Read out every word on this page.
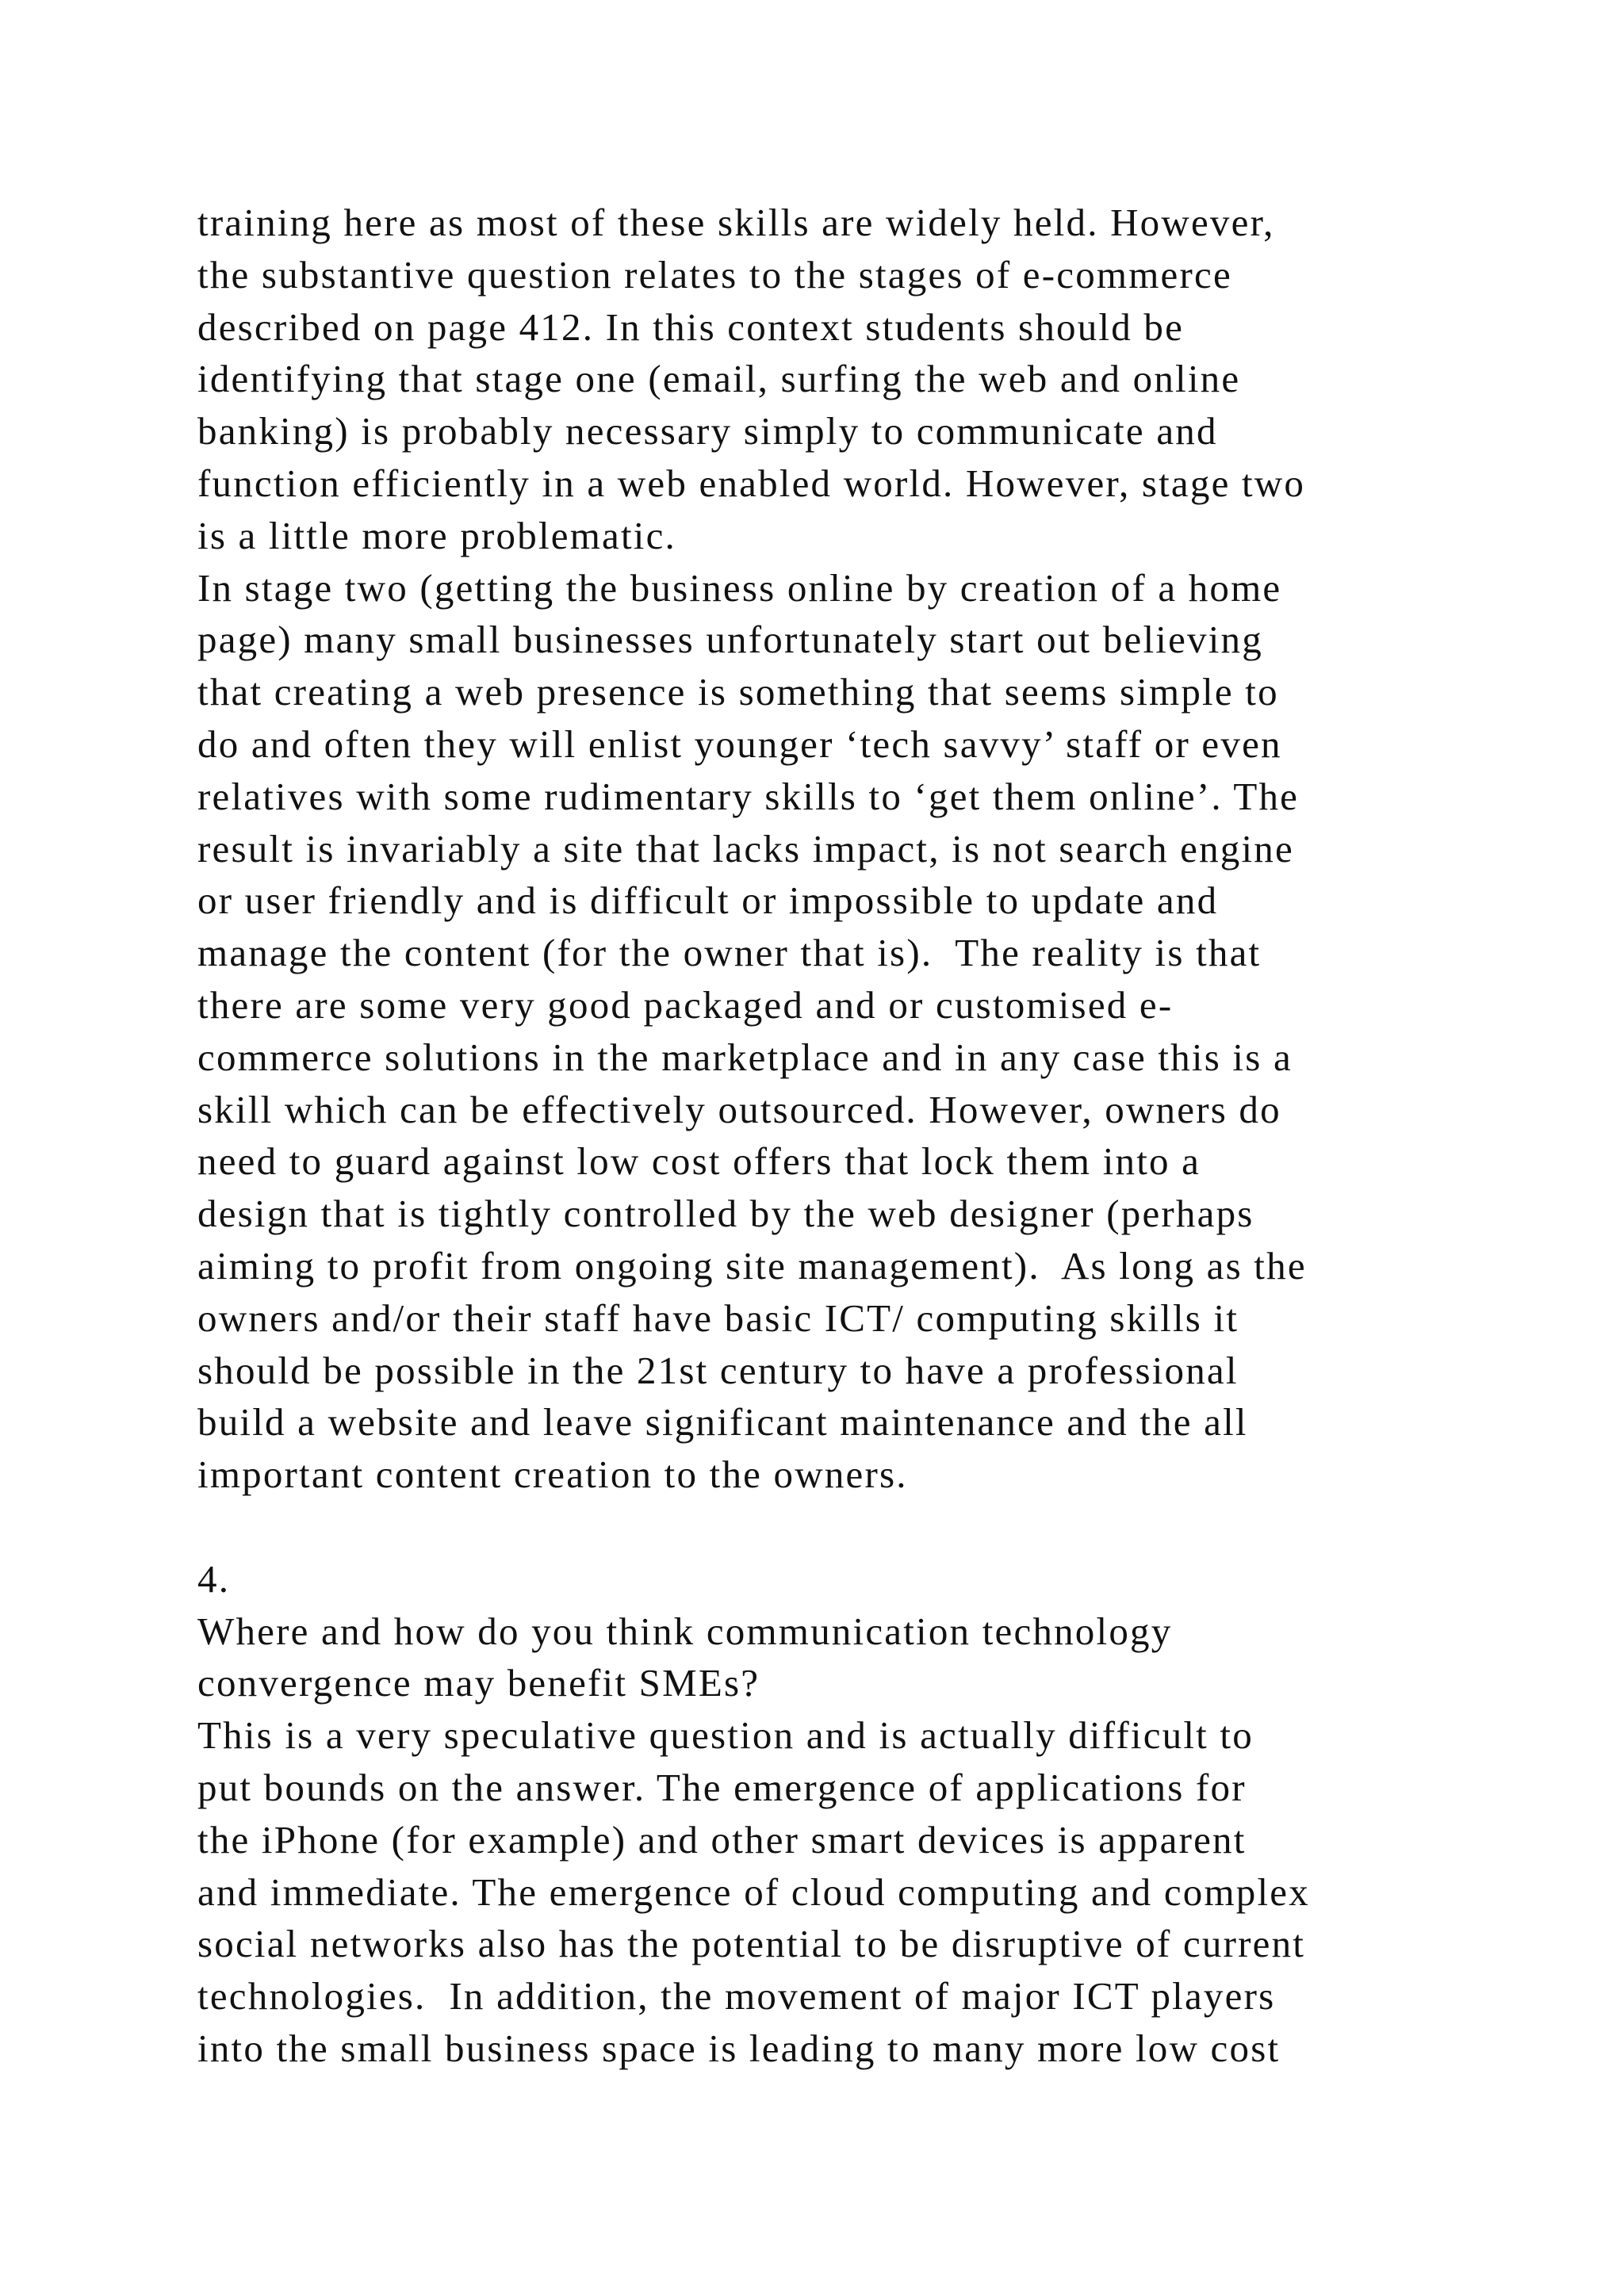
training here as most of these skills are widely held. However,
the substantive question relates to the stages of e-commerce
described on page 412. In this context students should be
identifying that stage one (email, surfing the web and online
banking) is probably necessary simply to communicate and
function efficiently in a web enabled world. However, stage two
is a little more problematic.
In stage two (getting the business online by creation of a home
page) many small businesses unfortunately start out believing
that creating a web presence is something that seems simple to
do and often they will enlist younger ‘tech savvy’ staff or even
relatives with some rudimentary skills to ‘get them online’. The
result is invariably a site that lacks impact, is not search engine
or user friendly and is difficult or impossible to update and
manage the content (for the owner that is).  The reality is that
there are some very good packaged and or customised e-
commerce solutions in the marketplace and in any case this is a
skill which can be effectively outsourced. However, owners do
need to guard against low cost offers that lock them into a
design that is tightly controlled by the web designer (perhaps
aiming to profit from ongoing site management).  As long as the
owners and/or their staff have basic ICT/ computing skills it
should be possible in the 21st century to have a professional
build a website and leave significant maintenance and the all
important content creation to the owners.
4.
Where and how do you think communication technology
convergence may benefit SMEs?
This is a very speculative question and is actually difficult to
put bounds on the answer. The emergence of applications for
the iPhone (for example) and other smart devices is apparent
and immediate. The emergence of cloud computing and complex
social networks also has the potential to be disruptive of current
technologies.  In addition, the movement of major ICT players
into the small business space is leading to many more low cost
